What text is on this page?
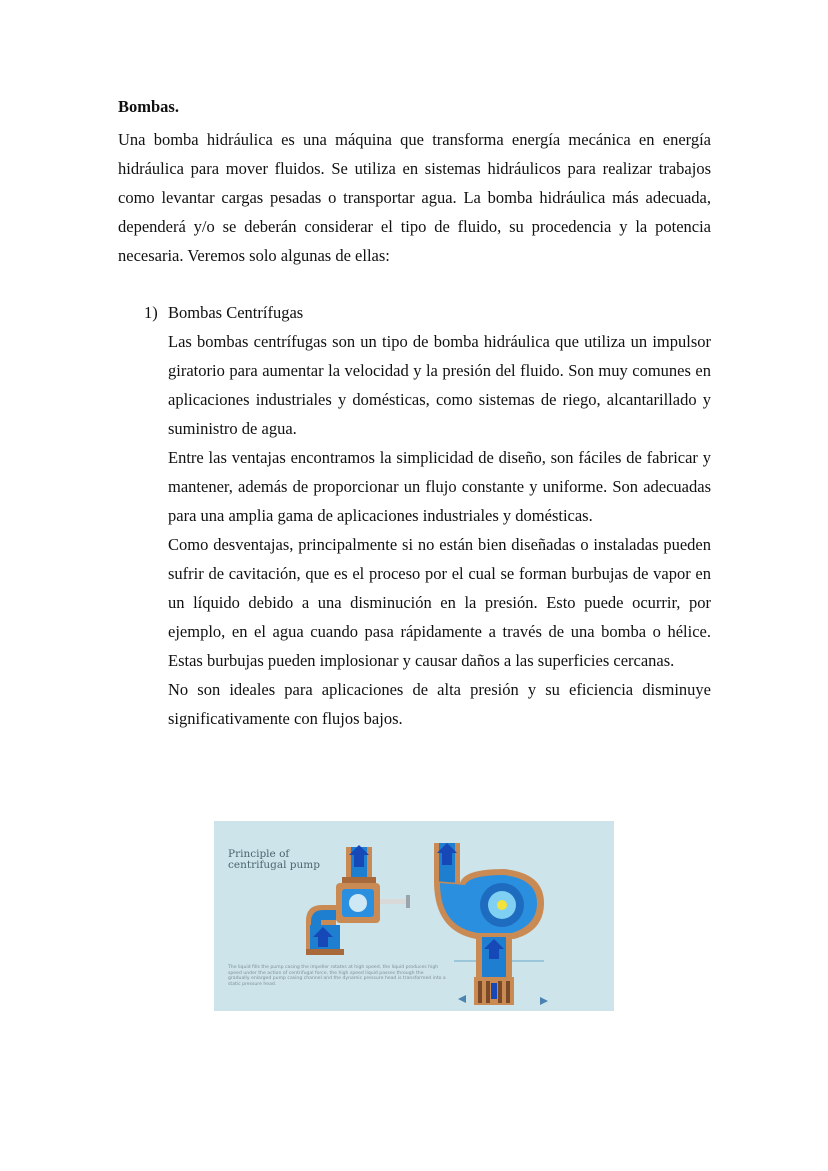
Bombas.

Una bomba hidráulica es una máquina que transforma energía mecánica en energía hidráulica para mover fluidos. Se utiliza en sistemas hidráulicos para realizar trabajos como levantar cargas pesadas o transportar agua. La bomba hidráulica más adecuada, dependerá y/o se deberán considerar el tipo de fluido, su procedencia y la potencia necesaria. Veremos solo algunas de ellas:

1) Bombas Centrífugas

Las bombas centrífugas son un tipo de bomba hidráulica que utiliza un impulsor giratorio para aumentar la velocidad y la presión del fluido. Son muy comunes en aplicaciones industriales y domésticas, como sistemas de riego, alcantarillado y suministro de agua.

Entre las ventajas encontramos la simplicidad de diseño, son fáciles de fabricar y mantener, además de proporcionar un flujo constante y uniforme. Son adecuadas para una amplia gama de aplicaciones industriales y domésticas.

Como desventajas, principalmente si no están bien diseñadas o instaladas pueden sufrir de cavitación, que es el proceso por el cual se forman burbujas de vapor en un líquido debido a una disminución en la presión. Esto puede ocurrir, por ejemplo, en el agua cuando pasa rápidamente a través de una bomba o hélice. Estas burbujas pueden implosionar y causar daños a las superficies cercanas.

No son ideales para aplicaciones de alta presión y su eficiencia disminuye significativamente con flujos bajos.

Principle of
centrifugal pump
The liquid fills the pump casing the impeller rotates at high speed, the liquid produces high speed under the action of centrifugal force, the high speed liquid passes through the gradually enlarged pump casing channel and the dynamic pressure head is transformed into a static pressure head.
